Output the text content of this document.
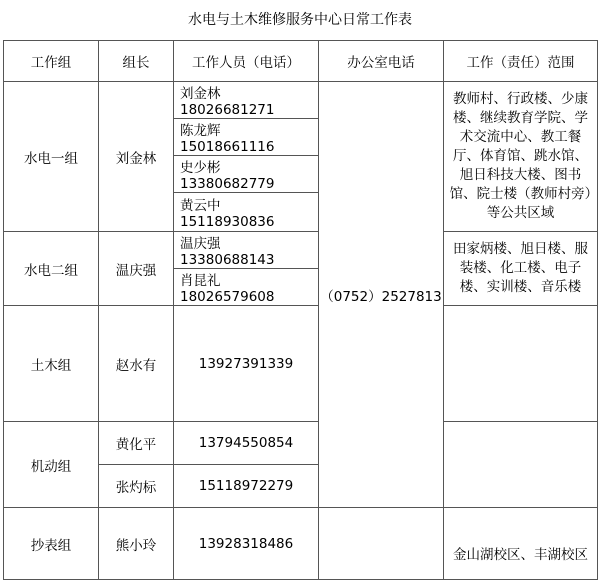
水电与土木维修服务中心日常工作表
工作组	组长	工作人员（电话）	办公室电话	工作（责任）范围
水电一组	刘金林	刘金林 18026681271	（0752）2527813	教师村、行政楼、少康楼、继续教育学院、学术交流中心、教工餐厅、体育馆、跳水馆、旭日科技大楼、图书馆、院士楼（教师村旁）等公共区域
		陈龙辉 15018661116		
		史少彬 13380682779		
		黄云中 15118930836		
水电二组	温庆强	温庆强 13380688143		田家炳楼、旭日楼、服装楼、化工楼、电子楼、实训楼、音乐楼
		肖昆礼 18026579608		
土木组	赵水有	13927391339		
机动组	黄化平	13794550854		
	张灼标	15118972279		
抄表组	熊小玲	13928318486		金山湖校区、丰湖校区
